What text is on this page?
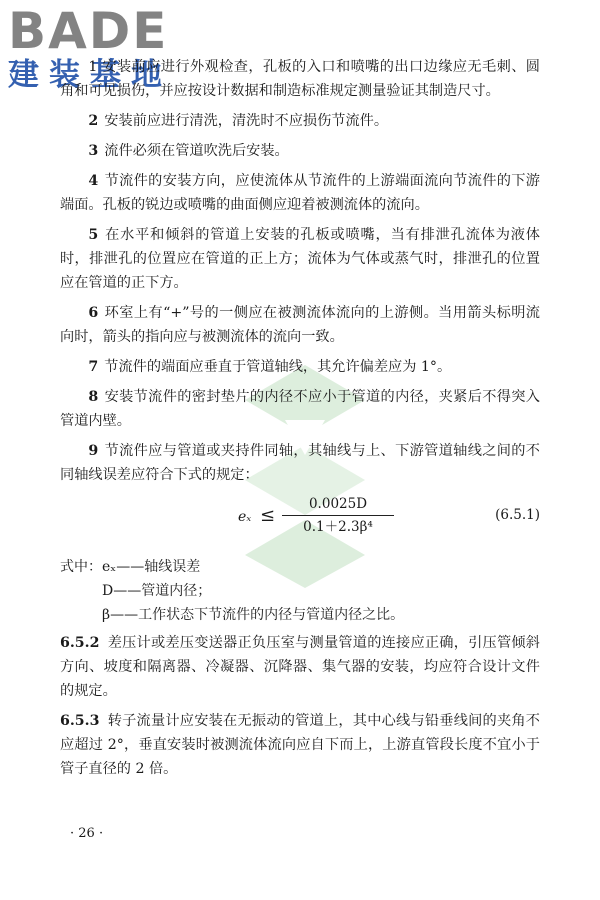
BADE
建装基地

1 安装前应进行外观检查，孔板的入口和喷嘴的出口边缘应无毛刺、圆角和可见损伤，并应按设计数据和制造标准规定测量验证其制造尺寸。

2 安装前应进行清洗，清洗时不应损伤节流件。

3 流件必须在管道吹洗后安装。

4 节流件的安装方向，应使流体从节流件的上游端面流向节流件的下游端面。孔板的锐边或喷嘴的曲面侧应迎着被测流体的流向。

5 在水平和倾斜的管道上安装的孔板或喷嘴，当有排泄孔流体为液体时，排泄孔的位置应在管道的正上方；流体为气体或蒸气时，排泄孔的位置应在管道的正下方。

6 环室上有“+”号的一侧应在被测流体流向的上游侧。当用箭头标明流向时，箭头的指向应与被测流体的流向一致。

7 节流件的端面应垂直于管道轴线，其允许偏差应为 1°。

8 安装节流件的密封垫片的内径不应小于管道的内径，夹紧后不得突入管道内壁。

9 节流件应与管道或夹持件同轴，其轴线与上、下游管道轴线之间的不同轴线误差应符合下式的规定：

$e_x \le \frac{0.0025D}{\text{0.1＋2.3β⁴}}$	(6.5.1)
式中：eₓ——轴线误差
D——管道内径；
β——工作状态下节流件的内径与管道内径之比。

6.5.2 差压计或差压变送器正负压室与测量管道的连接应正确，引压管倾斜方向、坡度和隔离器、冷凝器、沉降器、集气器的安装，均应符合设计文件的规定。

6.5.3 转子流量计应安装在无振动的管道上，其中心线与铅垂线间的夹角不应超过 2°，垂直安装时被测流体流向应自下而上，上游直管段长度不宜小于管子直径的 2 倍。

· 26 ·
